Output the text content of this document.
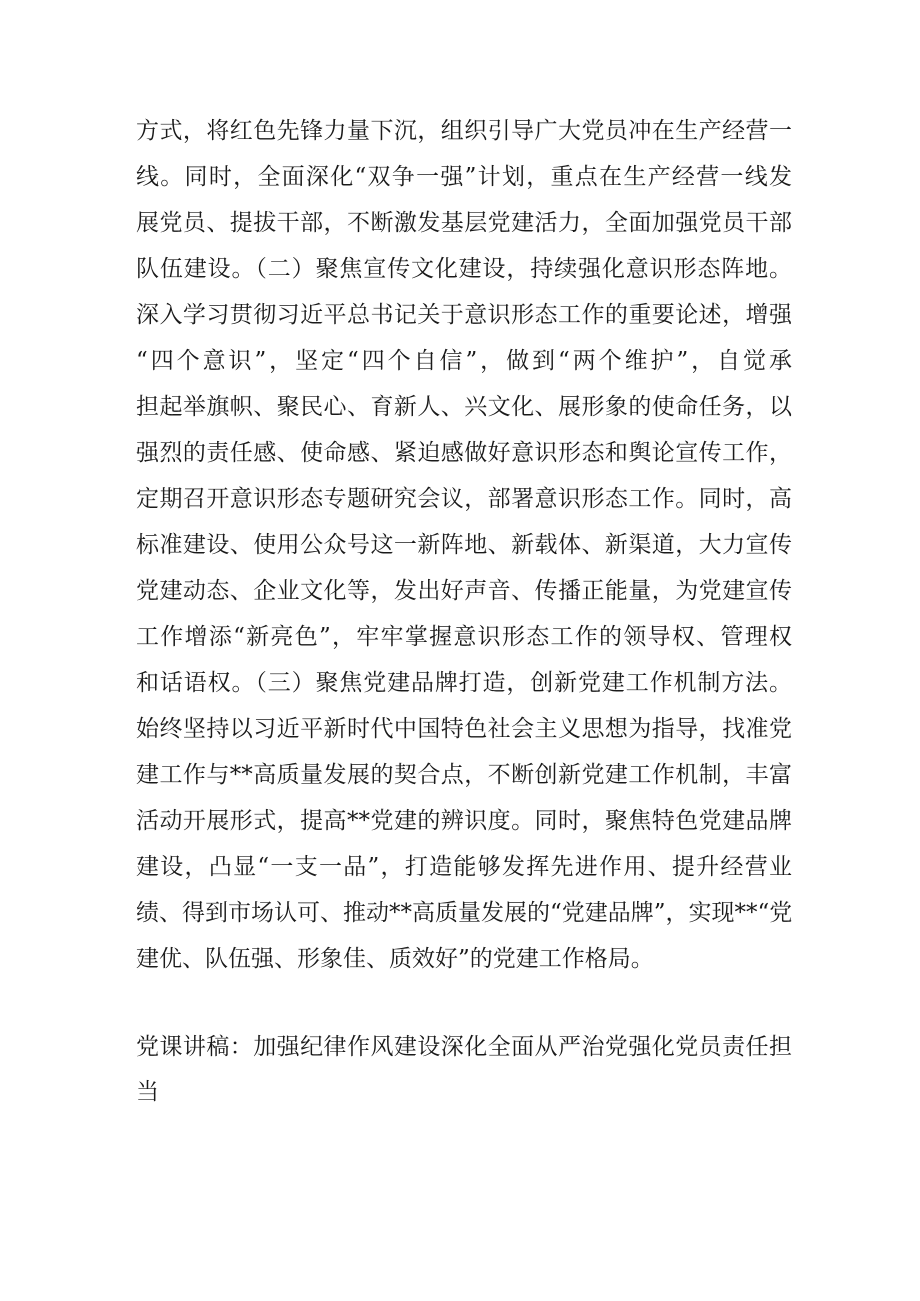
方式，将红色先锋力量下沉，组织引导广大党员冲在生产经营一
线。同时，全面深化“双争一强”计划，重点在生产经营一线发
展党员、提拔干部，不断激发基层党建活力，全面加强党员干部
队伍建设。（二）聚焦宣传文化建设，持续强化意识形态阵地。
深入学习贯彻习近平总书记关于意识形态工作的重要论述，增强
“四个意识”，坚定“四个自信”，做到“两个维护”，自觉承
担起举旗帜、聚民心、育新人、兴文化、展形象的使命任务，以
强烈的责任感、使命感、紧迫感做好意识形态和舆论宣传工作，
定期召开意识形态专题研究会议，部署意识形态工作。同时，高
标准建设、使用公众号这一新阵地、新载体、新渠道，大力宣传
党建动态、企业文化等，发出好声音、传播正能量，为党建宣传
工作增添“新亮色”，牢牢掌握意识形态工作的领导权、管理权
和话语权。（三）聚焦党建品牌打造，创新党建工作机制方法。
始终坚持以习近平新时代中国特色社会主义思想为指导，找准党
建工作与**高质量发展的契合点，不断创新党建工作机制，丰富
活动开展形式，提高**党建的辨识度。同时，聚焦特色党建品牌
建设，凸显“一支一品”，打造能够发挥先进作用、提升经营业
绩、得到市场认可、推动**高质量发展的“党建品牌”，实现**“党
建优、队伍强、形象佳、质效好”的党建工作格局。
党课讲稿：加强纪律作风建设深化全面从严治党强化党员责任担
当
